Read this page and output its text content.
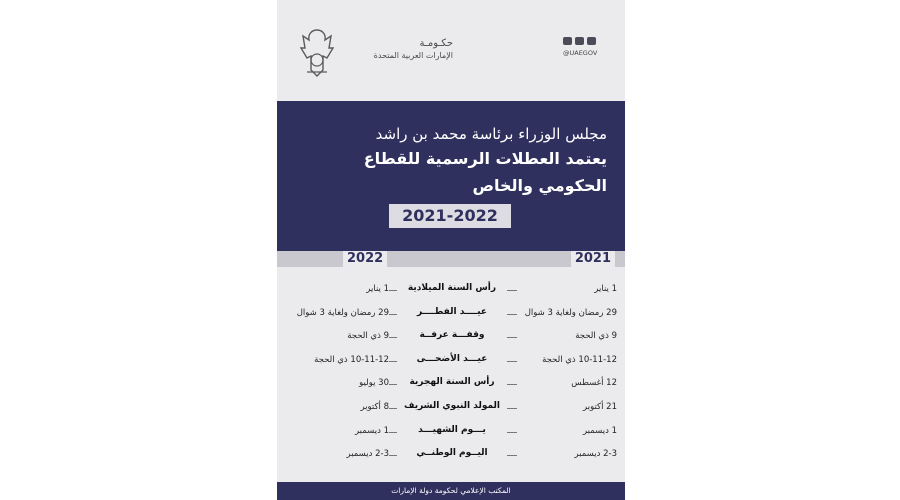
حكـومـة
الإمارات العربية المتحدة	@UAEGOV
مجلس الوزراء برئاسة محمد بن راشد
يعتمد العطلات الرسمية للقطاع
الحكومي والخاص
2021-2022
2021
2022
1 يناير	رأس السنة الميلادية	1 يناير
29 رمضان ولغاية 3 شوال	عيــــد الفطــــر	29 رمضان ولغاية 3 شوال
9 ذي الحجة	وقفـــة عرفــة	9 ذي الحجة
10-11-12 ذي الحجة	عيـــد الأضحـــى	10-11-12 ذي الحجة
30 يوليو	رأس السنة الهجرية	12 أغسطس
8 أكتوبر	المولد النبوي الشريف	21 أكتوبر
1 ديسمبر	يـــوم الشهيـــد	1 ديسمبر
2-3 ديسمبر	اليــوم الوطنــي	2-3 ديسمبر
المكتب الإعلامي لحكومة دولة الإمارات
